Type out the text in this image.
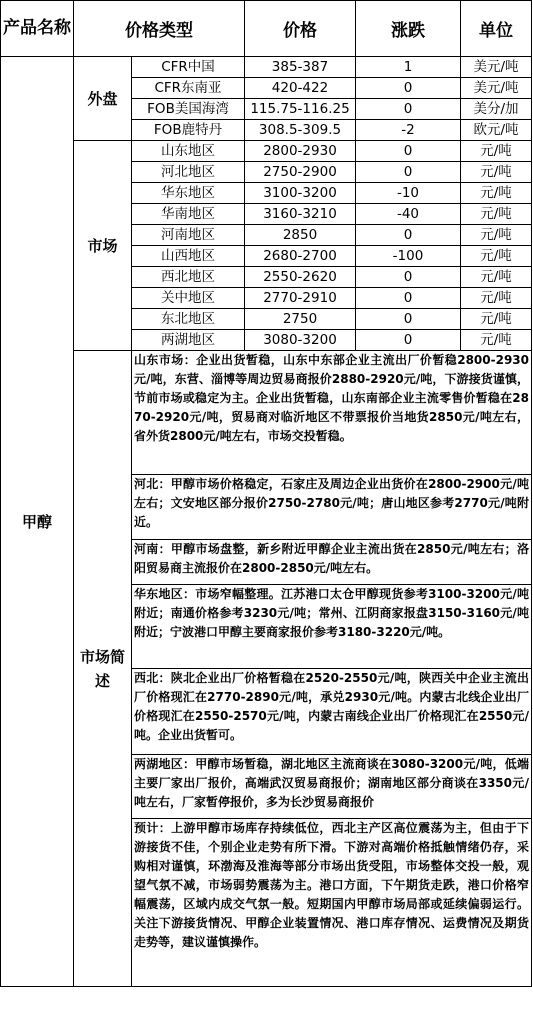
产品名称	价格类型		价格	涨跌	单位
甲醇	外盘	CFR中国	385-387	1	美元/吨

		CFR东南亚	420-422	0	美元/吨

		FOB美国海湾	115.75-116.25	0	美分/加

		FOB鹿特丹	308.5-309.5	-2	欧元/吨

	市场	山东地区	2800-2930	0	元/吨

		河北地区	2750-2900	0	元/吨

		华东地区	3100-3200	-10	元/吨

		华南地区	3160-3210	-40	元/吨

		河南地区	2850	0	元/吨

		山西地区	2680-2700	-100	元/吨

		西北地区	2550-2620	0	元/吨

		关中地区	2770-2910	0	元/吨

		东北地区	2750	0	元/吨

		两湖地区	3080-3200	0	元/吨

	市场简述	山东市场：企业出货暂稳，山东中东部企业主流出厂价暂稳2800-2930元/吨，东营、淄博等周边贸易商报价2880-2920元/吨，下游接货谨慎，节前市场或稳定为主。企业出货暂稳，山东南部企业主流零售价暂稳在2870-2920元/吨，贸易商对临沂地区不带票报价当地货2850元/吨左右，省外货2800元/吨左右，市场交投暂稳。			
		河北：甲醇市场价格稳定，石家庄及周边企业出货价在2800-2900元/吨左右；文安地区部分报价2750-2780元/吨；唐山地区参考2770元/吨附近。			
		河南：甲醇市场盘整，新乡附近甲醇企业主流出货在2850元/吨左右；洛阳贸易商主流报价在2800-2850元/吨左右。			
		华东地区：市场窄幅整理。江苏港口太仓甲醇现货参考3100-3200元/吨附近；南通价格参考3230元/吨；常州、江阴商家报盘3150-3160元/吨附近；宁波港口甲醇主要商家报价参考3180-3220元/吨。			
		西北：陕北企业出厂价格暂稳在2520-2550元/吨，陕西关中企业主流出厂价格现汇在2770-2890元/吨，承兑2930元/吨。内蒙古北线企业出厂价格现汇在2550-2570元/吨，内蒙古南线企业出厂价格现汇在2550元/吨。企业出货暂可。			
		两湖地区：甲醇市场暂稳，湖北地区主流商谈在3080-3200元/吨，低端主要厂家出厂报价，高端武汉贸易商报价；湖南地区部分商谈在3350元/吨左右，厂家暂停报价，多为长沙贸易商报价			
		预计：上游甲醇市场库存持续低位，西北主产区高位震荡为主，但由于下游接货不佳，个别企业走势有所下滑。下游对高端价格抵触情绪仍存，采购相对谨慎，环渤海及淮海等部分市场出货受阻，市场整体交投一般，观望气氛不减，市场弱势震荡为主。港口方面，下午期货走跌，港口价格窄幅震荡，区域内成交气氛一般。短期国内甲醇市场局部或延续偏弱运行。关注下游接货情况、甲醇企业装置情况、港口库存情况、运费情况及期货走势等，建议谨慎操作。			
